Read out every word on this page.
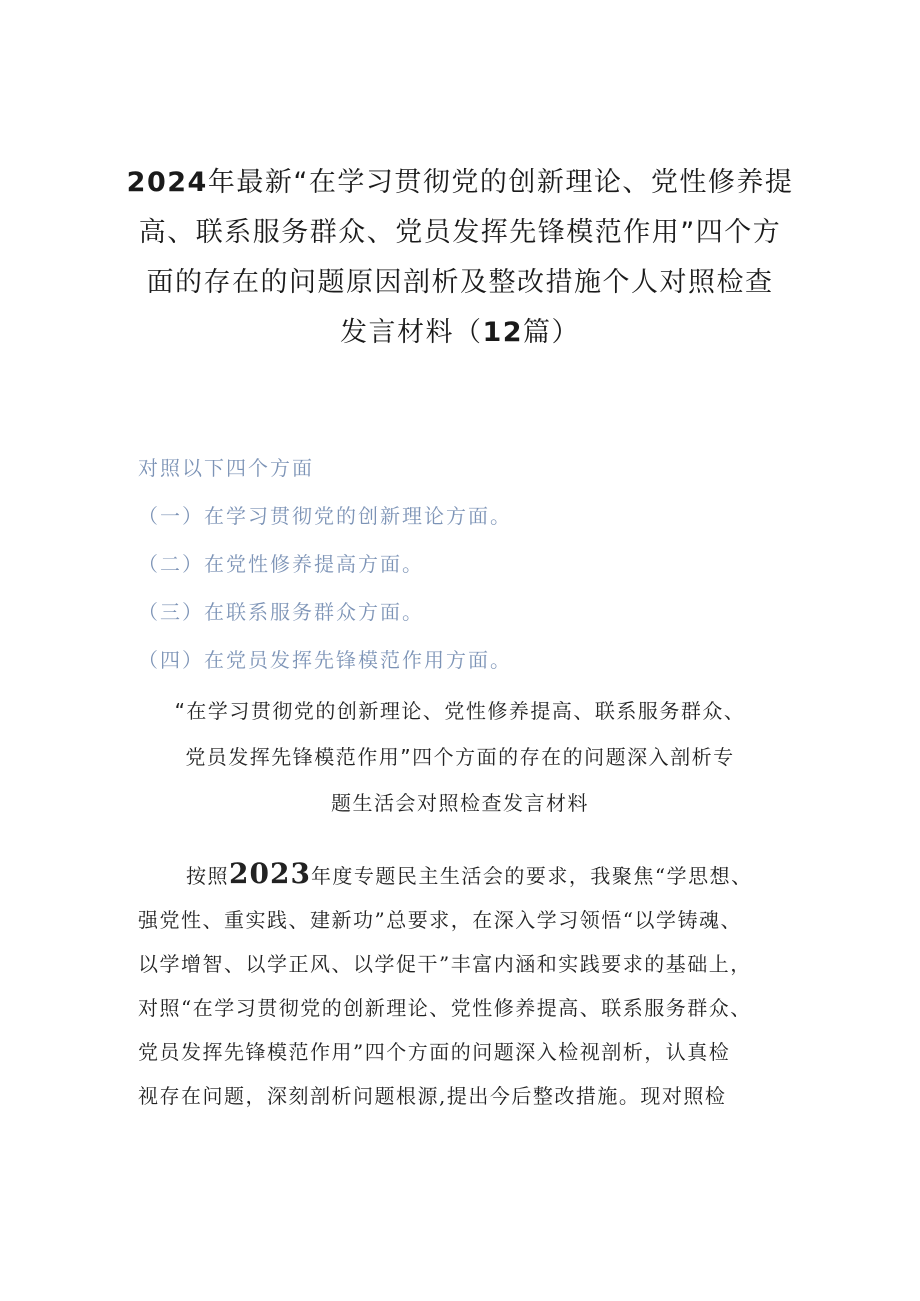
2024年最新“在学习贯彻党的创新理论、党性修养提
高、联系服务群众、党员发挥先锋模范作用”四个方
面的存在的问题原因剖析及整改措施个人对照检查
发言材料（12篇）
对照以下四个方面
（一）在学习贯彻党的创新理论方面。
（二）在党性修养提高方面。
（三）在联系服务群众方面。
（四）在党员发挥先锋模范作用方面。
“在学习贯彻党的创新理论、党性修养提高、联系服务群众、
党员发挥先锋模范作用”四个方面的存在的问题深入剖析专
题生活会对照检查发言材料
按照2023年度专题民主生活会的要求，我聚焦“学思想、
强党性、重实践、建新功”总要求，在深入学习领悟“以学铸魂、
以学增智、以学正风、以学促干”丰富内涵和实践要求的基础上，
对照“在学习贯彻党的创新理论、党性修养提高、联系服务群众、
党员发挥先锋模范作用”四个方面的问题深入检视剖析，认真检
视存在问题，深刻剖析问题根源,提出今后整改措施。现对照检
